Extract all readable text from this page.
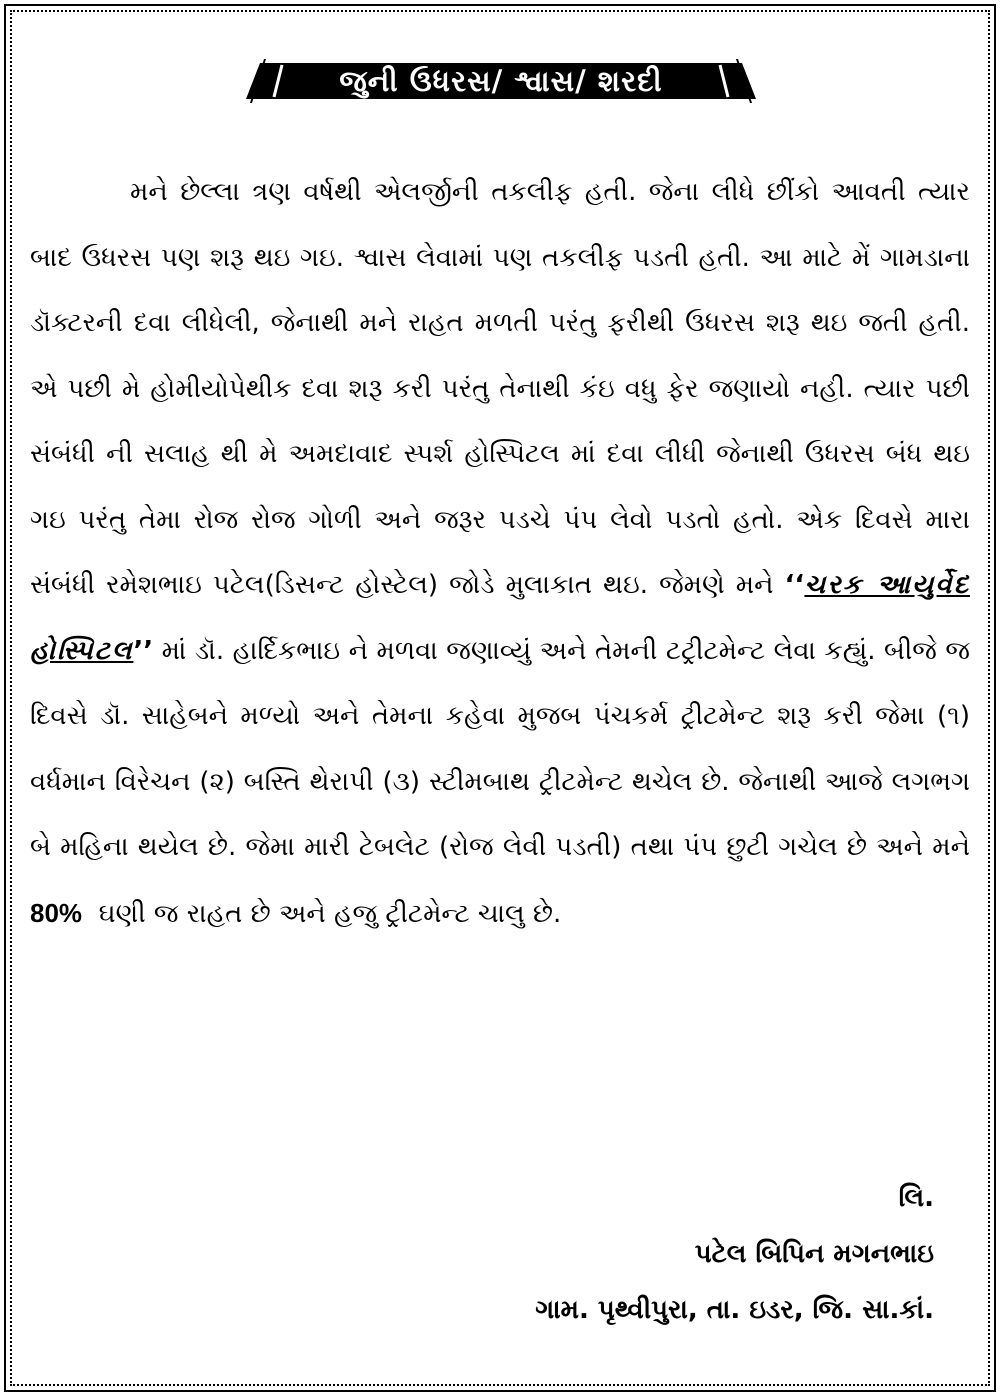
જુની ઉધરસ/ શ્વાસ/ શરદી

મને છેલ્લા ત્રણ વર્ષથી એલર્જીની તકલીફ હતી. જેના લીધે છીંકો આવતી ત્યાર બાદ ઉધરસ પણ શરૂ થઇ ગઇ. શ્વાસ લેવામાં પણ તકલીફ પડતી હતી. આ માટે મેં ગામડાના ડૉક્ટરની દવા લીધેલી, જેનાથી મને રાહત મળતી પરંતુ ફરીથી ઉધરસ શરૂ થઇ જતી હતી. એ પછી મે હોમીયોપેથીક દવા શરૂ કરી પરંતુ તેનાથી કંઇ વધુ ફેર જણાયો નહી. ત્યાર પછી સંબંધી ની સલાહ થી મે અમદાવાદ સ્પર્શ હોસ્પિટલ માં દવા લીધી જેનાથી ઉધરસ બંધ થઇ ગઇ પરંતુ તેમા રોજ રોજ ગોળી અને જરૂર પડચે પંપ લેવો પડતો હતો. એક દિવસે મારા સંબંધી રમેશભાઇ પટેલ(ડિસન્ટ હોસ્ટેલ) જોડે મુલાકાત થઇ. જેમણે મને ‘‘ચરક આયુર્વેદ હોસ્પિટલ’’ માં ડૉ. હાર્દિકભાઇ ને મળવા જણાવ્યું અને તેમની ટટ્રીટમેન્ટ લેવા કહ્યું. બીજે જ દિવસે ડૉ. સાહેબને મળ્યો અને તેમના કહેવા મુજબ પંચકર્મ ટ્રીટમેન્ટ શરૂ કરી જેમા (૧) વર્ધમાન વિરેચન (૨) બસ્તિ થેરાપી (૩) સ્ટીમબાથ ટ્રીટમેન્ટ થચેલ છે. જેનાથી આજે લગભગ બે મહિના થયેલ છે. જેમા મારી ટેબલેટ (રોજ લેવી પડતી) તથા પંપ છુટી ગચેલ છે અને મને 80% ઘણી જ રાહત છે અને હજુ ટ્રીટમેન્ટ ચાલુ છે.

લિ.
પટેલ બિપિન મગનભાઇ
ગામ. પૃથ્વીપુરા, તા. ઇડર, જિ. સા.કાં.
